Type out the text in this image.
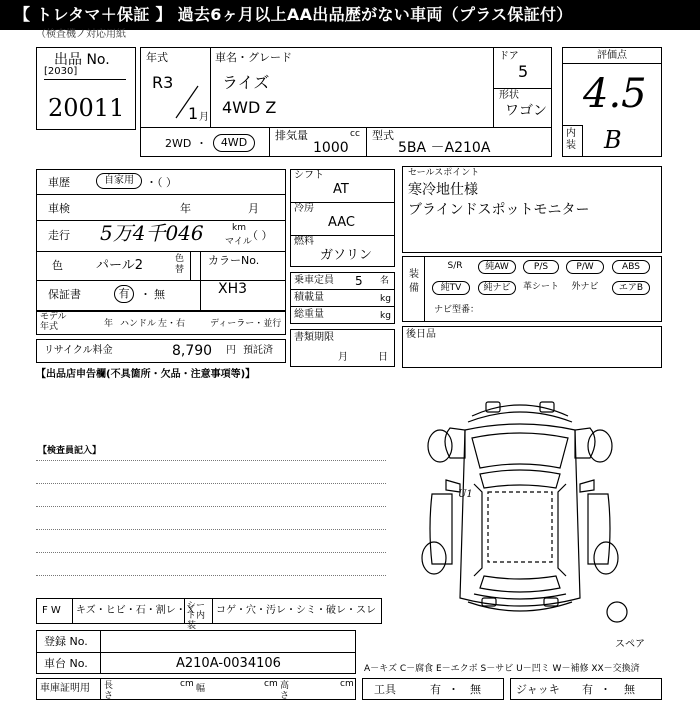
【 トレタマ＋保証 】 過去6ヶ月以上AA出品歴がない車両（プラス保証付）
（検査機ノ対応用紙
出品 No.
[2030]
20011
年式
R3
1 月
車名・グレード
ライズ
4WD Z
ドア
5
形状
ワゴン
2WD ・	4WD
排気量	cc
1000
型式
5BA －A210A
評価点
4.5
内装 B
車歴	自家用	・（ ）
車検	年	月
走行 5万4千046	km
マイル
（ ）
色	パール2	色替
保証書	有 ・ 無
カラーNo.
XH3
モデル年式	年 ハンドル 左・右	ディーラー・並行
リサイクル料金	8,790 円 預託済
シフト
AT
冷房
AAC
燃料
ガソリン
乗車定員 5 名
積載量	kg
総重量	kg
書類期限
月	日
セールスポイント
寒冷地仕様
ブラインドスポットモニター
装備
S/R	純AW	P/S	P/W	ABS
純TV	純ナビ	革シート	外ナビ	エアB
ナビ型番：
後日品
【出品店申告欄(不具箇所・欠品・注意事項等)】
【検査員記入】
U1
スペア
F W キズ・ヒビ・石・割レ・Ｘ
シート内装
コゲ・穴・汚レ・シミ・破レ・スレ
登録 No.
車台 No.	A210A-0034106
車庫証明用 長さ
cm 幅	cm 高さ
cm
A－キズ C－腐食 E－エクボ S－サビ U－凹ミ W－補修 XX－交換済
工具	有 ・ 無	ジャッキ 有 ・ 無
